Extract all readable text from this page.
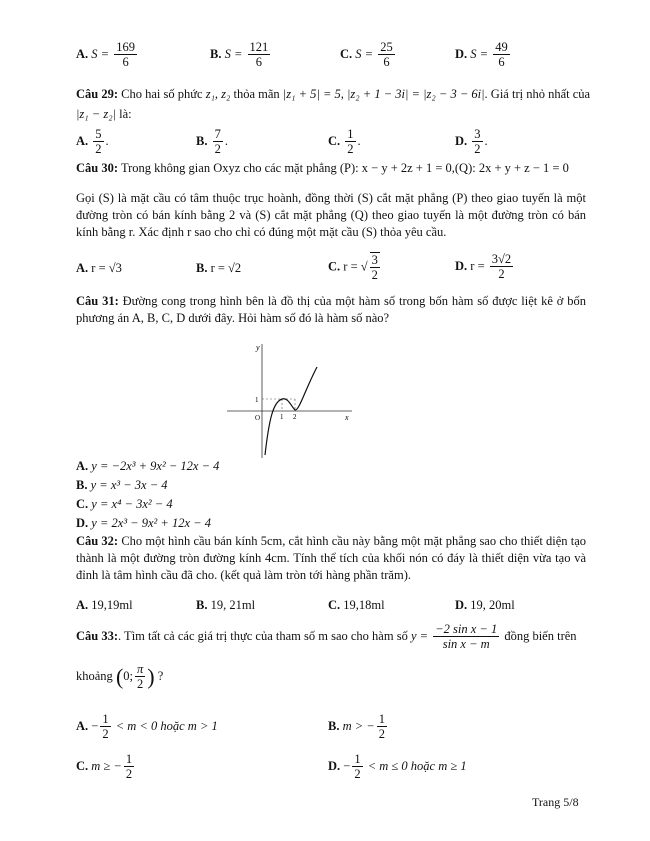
A. $S = \frac{169}{6}$	B. $S = \frac{121}{6}$	C. $S = \frac{25}{6}$	D. $S = \frac{49}{6}$
Câu 29: Cho hai số phức z₁, z₂ thỏa mãn |z₁ + 5| = 5, |z₂ + 1 − 3i| = |z₂ − 3 − 6i|. Giá trị nhỏ nhất của
|z₁ − z₂| là:
A. $\frac{5}{2}$ .	B. $\frac{7}{2}$ .	C. $\frac{1}{2}$ .	D. $\frac{3}{2}$ .
Câu 30: Trong không gian Oxyz cho các mặt phẳng (P): x − y + 2z + 1 = 0,(Q): 2x + y + z − 1 = 0
Gọi (S) là mặt cầu có tâm thuộc trục hoành, đồng thời (S) cắt mặt phẳng (P) theo giao tuyến là một đường tròn có bán kính bằng 2 và (S) cắt mặt phẳng (Q) theo giao tuyến là một đường tròn có bán kính bằng r. Xác định r sao cho chỉ có đúng một mặt cầu (S) thỏa yêu cầu.
A. r = √3	B. r = √2	C. r = √ $\frac{3}{2}$	D. $r = \frac{3√2}{2}$
Câu 31: Đường cong trong hình bên là đồ thị của một hàm số trong bốn hàm số được liệt kê ở bốn phương án A, B, C, D dưới đây. Hỏi hàm số đó là hàm số nào?
y
x
O
1
1 2
A. y = −2x³ + 9x² − 12x − 4
B. y = x³ − 3x − 4
C. y = x⁴ − 3x² − 4
D. y = 2x³ − 9x² + 12x − 4
Câu 32: Cho một hình cầu bán kính 5cm, cắt hình cầu này bằng một mặt phẳng sao cho thiết diện tạo thành là một đường tròn đường kính 4cm. Tính thể tích của khối nón có đáy là thiết diện vừa tạo và đỉnh là tâm hình cầu đã cho. (kết quả làm tròn tới hàng phần trăm).
A. 19,19ml	B. 19, 21ml	C. 19,18ml	D. 19, 20ml
Câu 33:. Tìm tất cả các giá trị thực của tham số m sao cho hàm số $y = \frac{\text{−2 sin x − 1}}{\text{sin x − m}}$ đồng biến trên
khoảng (0; $\frac{\pi}{2}$ ) ?
A. − $\frac{1}{2} < m < 0$ hoặc m > 1	B. m > − $\frac{1}{2}$
C. m ≥ − $\frac{1}{2}$	D. − $\frac{1}{2} < m \le 0$ hoặc m ≥ 1
Trang 5/8
